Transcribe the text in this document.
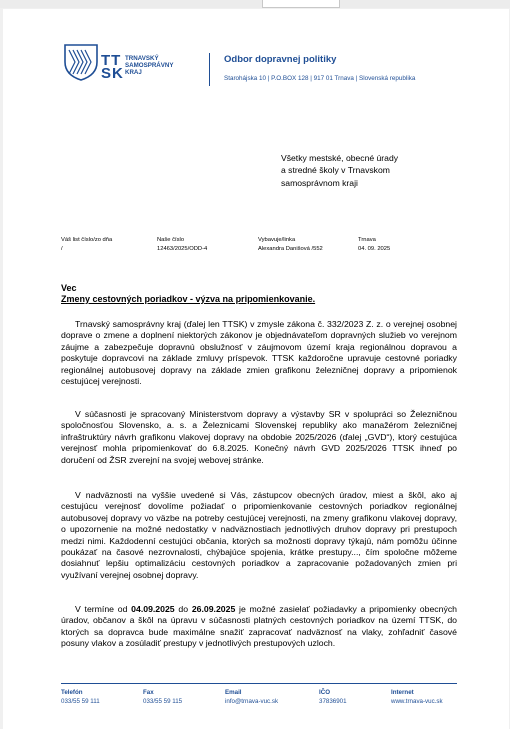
TT
SK
TRNAVSKÝ
SAMOSPRÁVNY
KRAJ
Odbor dopravnej politiky
Starohájska 10 | P.O.BOX 128 | 917 01 Trnava | Slovenská republika
Všetky mestské, obecné úrady
a stredné školy v Trnavskom
samosprávnom kraji
Váš list číslo/zo dňa
/
Naše číslo
12463/2025/ODD-4
Vybavuje/linka
Alexandra Danišová /552
Trnava
04. 09. 2025
Vec
Zmeny cestovných poriadkov - výzva na pripomienkovanie.
Trnavský samosprávny kraj (ďalej len TTSK) v zmysle zákona č. 332/2023 Z. z. o verejnej osobnej doprave o zmene a doplnení niektorých zákonov je objednávateľom dopravných služieb vo verejnom záujme a zabezpečuje dopravnú obslužnosť v záujmovom území kraja regionálnou dopravou a poskytuje dopravcovi na základe zmluvy príspevok. TTSK každoročne upravuje cestovné poriadky regionálnej autobusovej dopravy na základe zmien grafikonu železničnej dopravy a pripomienok cestujúcej verejnosti.
V súčasnosti je spracovaný Ministerstvom dopravy a výstavby SR v spolupráci so Železničnou spoločnosťou Slovensko, a. s. a Železnicami Slovenskej republiky ako manažérom železničnej infraštruktúry návrh grafikonu vlakovej dopravy na obdobie 2025/2026 (ďalej „GVD“), ktorý cestujúca verejnosť mohla pripomienkovať do 6.8.2025. Konečný návrh GVD 2025/2026 TTSK ihneď po doručení od ŽSR zverejní na svojej webovej stránke.
V nadväznosti na vyššie uvedené si Vás, zástupcov obecných úradov, miest a škôl, ako aj cestujúcu verejnosť dovolíme požiadať o pripomienkovanie cestovných poriadkov regionálnej autobusovej dopravy vo väzbe na potreby cestujúcej verejnosti, na zmeny grafikonu vlakovej dopravy, o upozornenie na možné nedostatky v nadväznostiach jednotlivých druhov dopravy pri prestupoch medzi nimi. Každodenní cestujúci občania, ktorých sa možnosti dopravy týkajú, nám pomôžu účinne poukázať na časové nezrovnalosti, chýbajúce spojenia, krátke prestupy..., čím spoločne môžeme dosiahnuť lepšiu optimalizáciu cestovných poriadkov a zapracovanie požadovaných zmien pri využívaní verejnej osobnej dopravy.
V termíne od 04.09.2025 do 26.09.2025 je možné zasielať požiadavky a pripomienky obecných úradov, občanov a škôl na úpravu v súčasnosti platných cestovných poriadkov na území TTSK, do ktorých sa dopravca bude maximálne snažiť zapracovať nadväznosť na vlaky, zohľadniť časové posuny vlakov a zosúladiť prestupy v jednotlivých prestupových uzloch.
Telefón
033/55 59 111
Fax
033/55 59 115
Email
info@trnava-vuc.sk
IČO
37836901
Internet
www.trnava-vuc.sk
